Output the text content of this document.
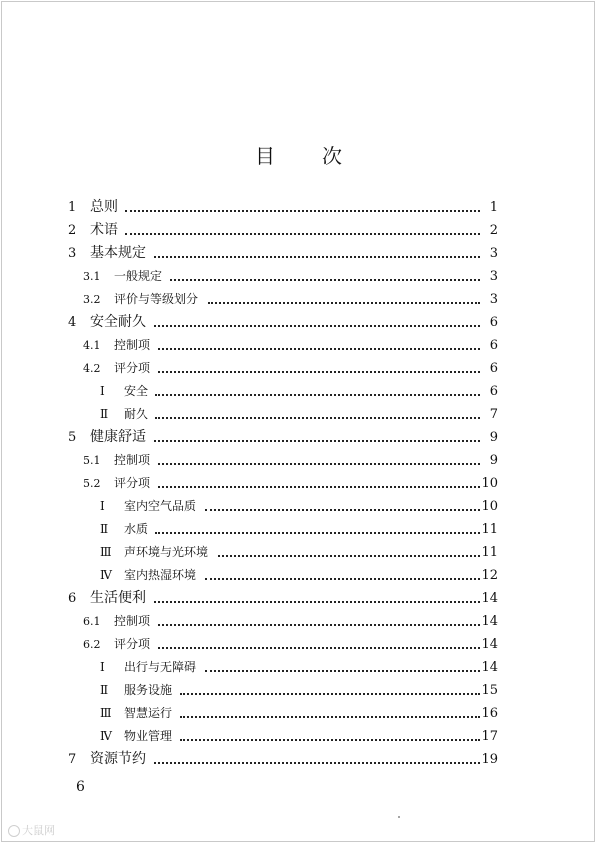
目 次
1 总则	1
2 术语	2
3 基本规定	3
3.1 一般规定	3
3.2 评价与等级划分	3
4 安全耐久	6
4.1 控制项	6
4.2 评分项	6
Ⅰ 安全	6
Ⅱ 耐久	7
5 健康舒适	9
5.1 控制项	9
5.2 评分项	10
Ⅰ 室内空气品质	10
Ⅱ 水质	11
Ⅲ 声环境与光环境	11
Ⅳ 室内热湿环境	12
6 生活便利	14
6.1 控制项	14
6.2 评分项	14
Ⅰ 出行与无障碍	14
Ⅱ 服务设施	15
Ⅲ 智慧运行	16
Ⅳ 物业管理	17
7 资源节约	19
6
大鼠网
